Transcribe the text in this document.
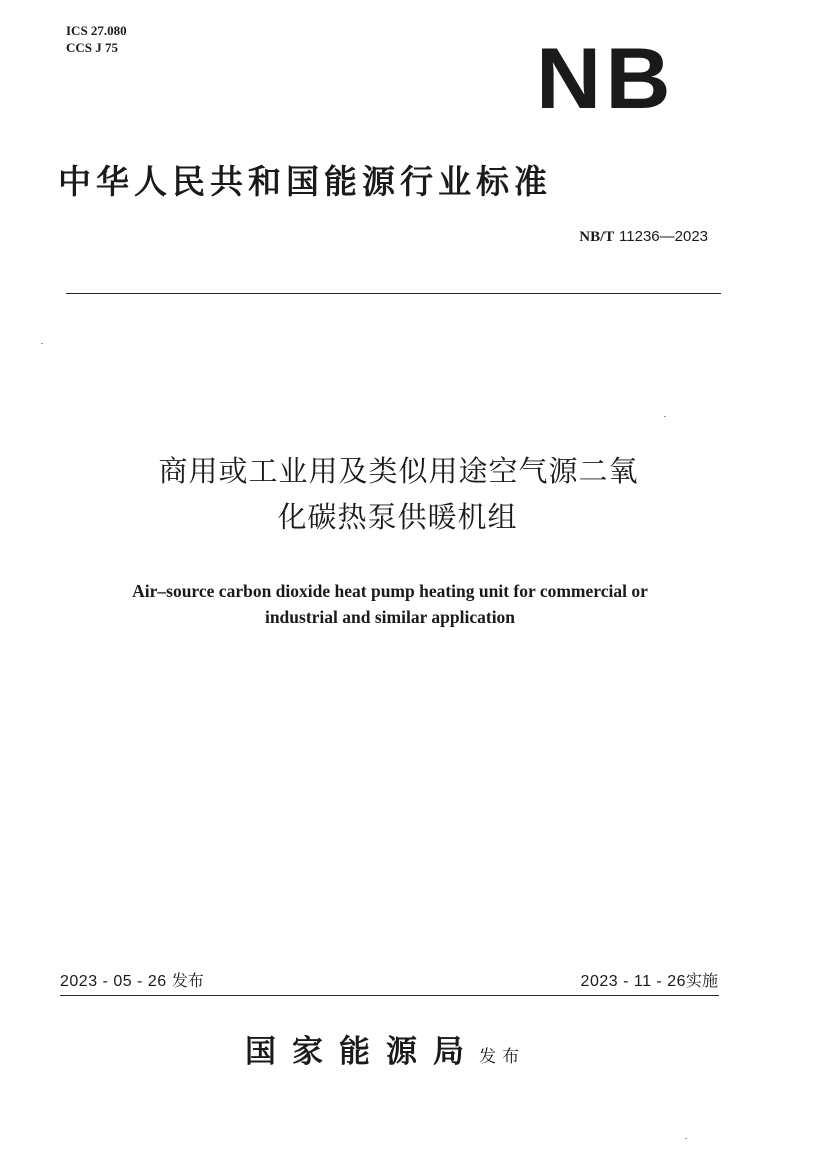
ICS 27.080
CCS J 75	NB
中华人民共和国能源行业标准
NB/T 11236—2023
商用或工业用及类似用途空气源二氧
化碳热泵供暖机组
Air–source carbon dioxide heat pump heating unit for commercial or
industrial and similar application
2023 - 05 - 26 发布	2023 - 11 - 26实施
国家能源局 发布
